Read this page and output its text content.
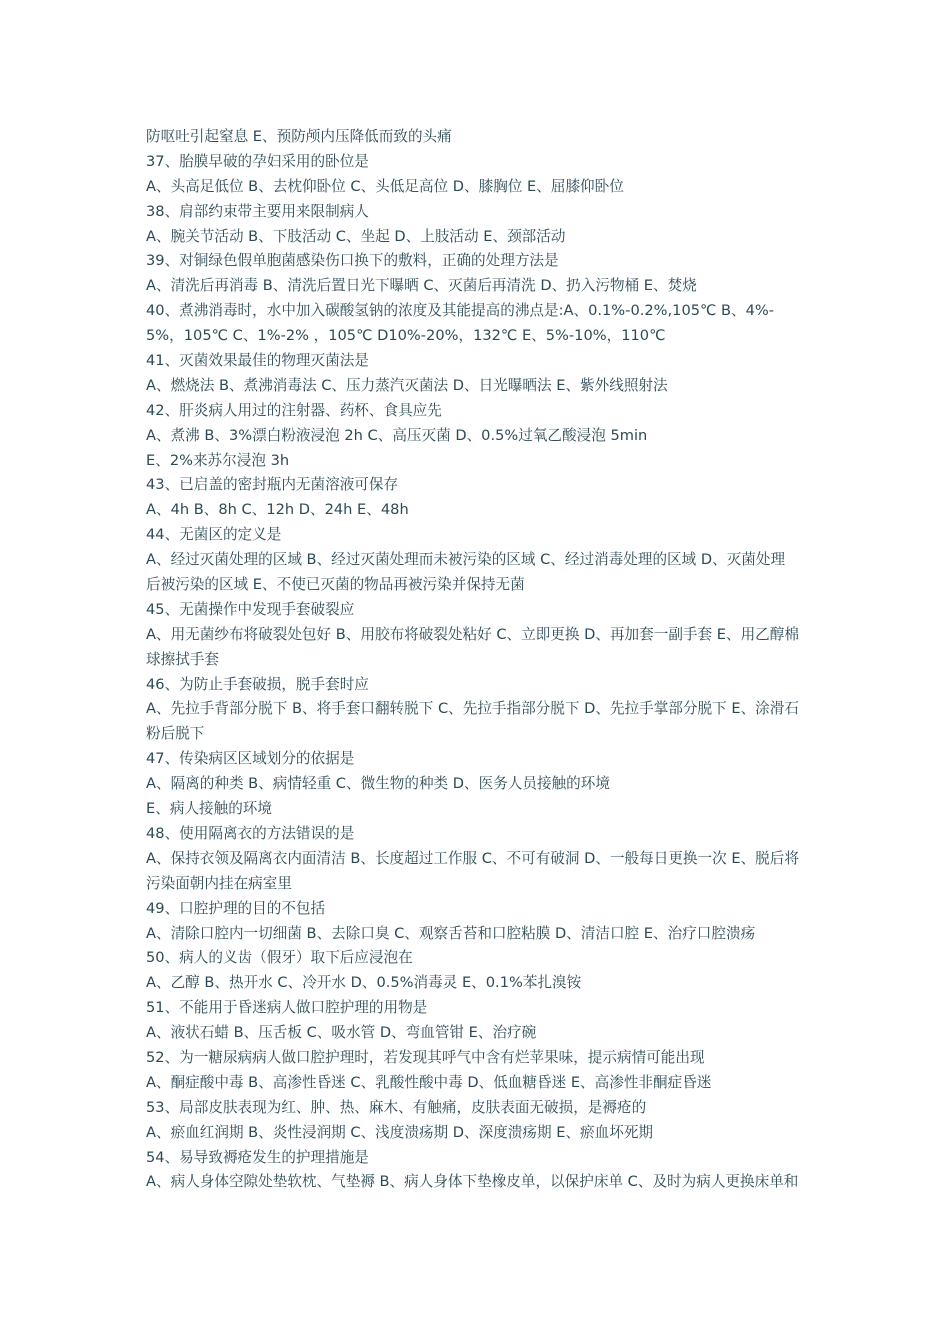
防呕吐引起窒息 E、预防颅内压降低而致的头痛
37、胎膜早破的孕妇采用的卧位是
A、头高足低位 B、去枕仰卧位 C、头低足高位 D、膝胸位 E、屈膝仰卧位
38、肩部约束带主要用来限制病人
A、腕关节活动 B、下肢活动 C、坐起 D、上肢活动 E、颈部活动
39、对铜绿色假单胞菌感染伤口换下的敷料，正确的处理方法是
A、清洗后再消毒 B、清洗后置日光下曝晒 C、灭菌后再清洗 D、扔入污物桶 E、焚烧
40、煮沸消毒时，水中加入碳酸氢钠的浓度及其能提高的沸点是:A、0.1%-0.2%,105℃ B、4%-
5%，105℃ C、1%-2% ，105℃ D10%-20%，132℃ E、5%-10%，110℃
41、灭菌效果最佳的物理灭菌法是
A、燃烧法 B、煮沸消毒法 C、压力蒸汽灭菌法 D、日光曝晒法 E、紫外线照射法
42、肝炎病人用过的注射器、药杯、食具应先
A、煮沸 B、3%漂白粉液浸泡 2h C、高压灭菌 D、0.5%过氧乙酸浸泡 5min
E、2%来苏尔浸泡 3h
43、已启盖的密封瓶内无菌溶液可保存
A、4h B、8h C、12h D、24h E、48h
44、无菌区的定义是
A、经过灭菌处理的区域 B、经过灭菌处理而未被污染的区域 C、经过消毒处理的区域 D、灭菌处理
后被污染的区域 E、不使已灭菌的物品再被污染并保持无菌
45、无菌操作中发现手套破裂应
A、用无菌纱布将破裂处包好 B、用胶布将破裂处粘好 C、立即更换 D、再加套一副手套 E、用乙醇棉
球擦拭手套
46、为防止手套破损，脱手套时应
A、先拉手背部分脱下 B、将手套口翻转脱下 C、先拉手指部分脱下 D、先拉手掌部分脱下 E、涂滑石
粉后脱下
47、传染病区区域划分的依据是
A、隔离的种类 B、病情轻重 C、微生物的种类 D、医务人员接触的环境
E、病人接触的环境
48、使用隔离衣的方法错误的是
A、保持衣领及隔离衣内面清洁 B、长度超过工作服 C、不可有破洞 D、一般每日更换一次 E、脱后将
污染面朝内挂在病室里
49、口腔护理的目的不包括
A、清除口腔内一切细菌 B、去除口臭 C、观察舌苔和口腔粘膜 D、清洁口腔 E、治疗口腔溃疡
50、病人的义齿（假牙）取下后应浸泡在
A、乙醇 B、热开水 C、冷开水 D、0.5%消毒灵 E、0.1%苯扎溴铵
51、不能用于昏迷病人做口腔护理的用物是
A、液状石蜡 B、压舌板 C、吸水管 D、弯血管钳 E、治疗碗
52、为一糖尿病病人做口腔护理时，若发现其呼气中含有烂苹果味，提示病情可能出现
A、酮症酸中毒 B、高渗性昏迷 C、乳酸性酸中毒 D、低血糖昏迷 E、高渗性非酮症昏迷
53、局部皮肤表现为红、肿、热、麻木、有触痛，皮肤表面无破损，是褥疮的
A、瘀血红润期 B、炎性浸润期 C、浅度溃疡期 D、深度溃疡期 E、瘀血坏死期
54、易导致褥疮发生的护理措施是
A、病人身体空隙处垫软枕、气垫褥 B、病人身体下垫橡皮单，以保护床单 C、及时为病人更换床单和
